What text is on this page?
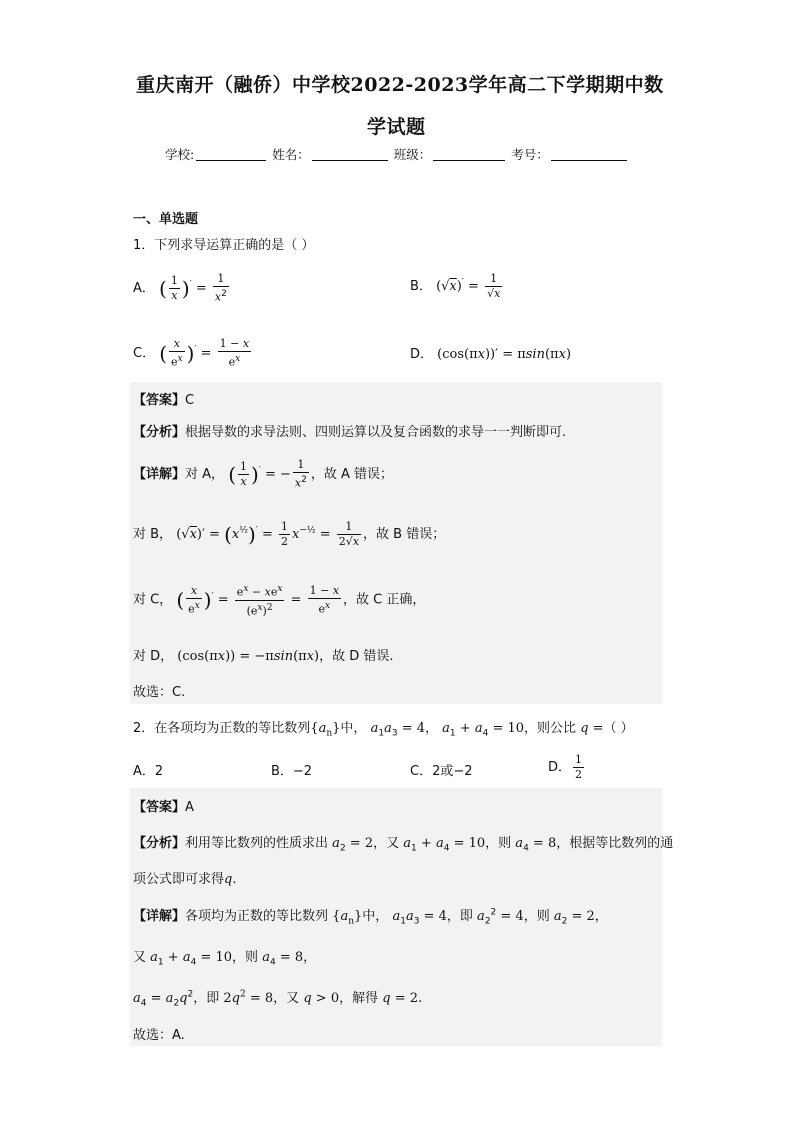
重庆南开（融侨）中学校2022-2023学年高二下学期期中数
学试题
学校:	姓名：	班级：	考号：
一、单选题
1．下列求导运算正确的是（ ）
A． ( $\frac{1}{x} )' = \frac{1}{x^2}$	B． $(√x)' = \frac{1}{√x}$
C． ( $\frac{x}{e^x} )' = \frac{1 - x}{e^x}$	D． (cos(πx))′ = πsin(πx)
【答案】C
【分析】根据导数的求导法则、四则运算以及复合函数的求导一一判断即可.
【详解】对 A， ( $\frac{1}{x} )'$ = − $\frac{1}{x^2}$ ，故 A 错误；
对 B， $(√x)' = (x^{\frac{1}{2}})' = \frac{1}{2} x^{-\frac{1}{2}} = \frac{1}{2√x}$ ，故 B 错误；
对 C， ( $\frac{x}{e^x} )' = \frac{e^x - xe^x}{(e^x)^2} = \frac{1 - x}{e^x}$ ，故 C 正确，
对 D， (cos(πx)) = −πsin(πx)，故 D 错误.
故选：C.
2．在各项均为正数的等比数列$\{a_n\}$中， $a_1a_3 = 4$， $a_1 + a_4 = 10$，则公比 q =（ ）
A．2	B．−2	C．2或−2	D． $\frac{1}{2}$
【答案】A
【分析】利用等比数列的性质求出 $a_2 = 2$，又 $a_1 + a_4 = 10$，则 $a_4 = 8$，根据等比数列的通
项公式即可求得q.
【详解】各项均为正数的等比数列 $\{a_n\}$中， $a_1a_3 = 4$，即 $a_2^2 = 4$，则 $a_2 = 2$，
又 $a_1 + a_4 = 10$，则 $a_4 = 8$，
$a_4 = a_2q^2$，即 $2q^2 = 8$，又 q > 0，解得 q = 2.
故选：A.
